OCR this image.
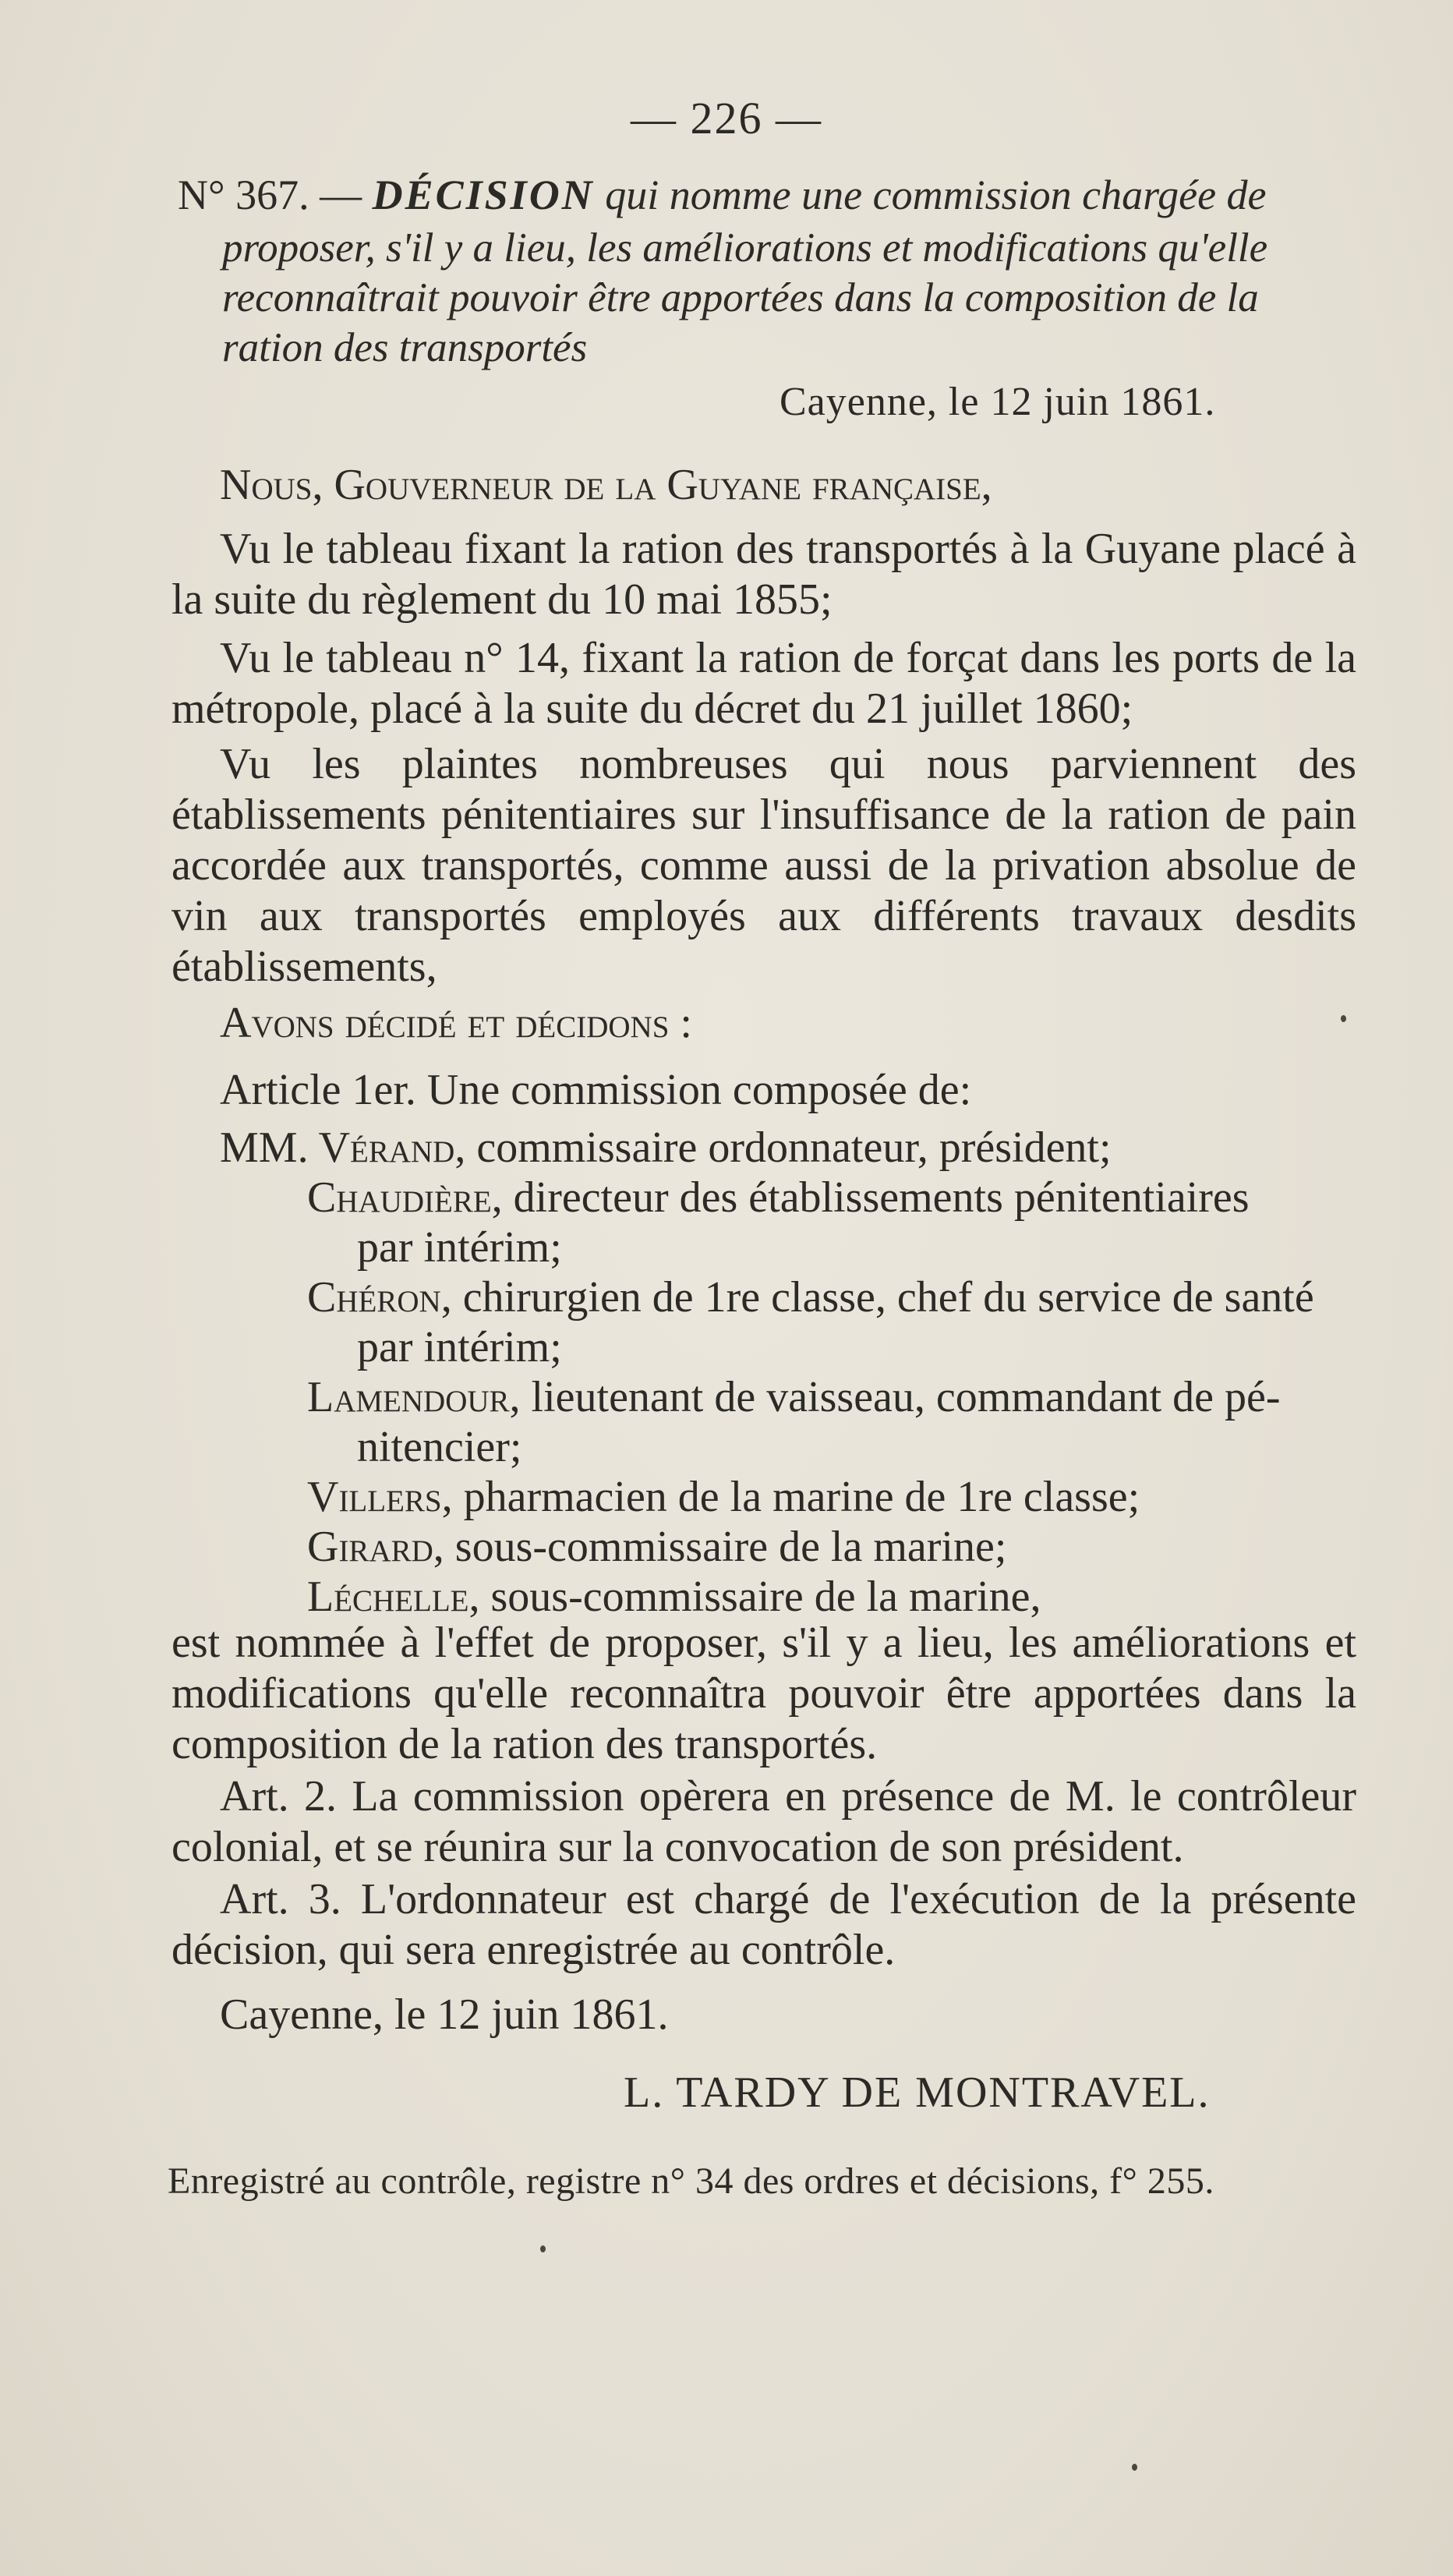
— 226 —

N° 367. — DÉCISION qui nomme une commission chargée de

proposer, s'il y a lieu, les améliorations et modifications qu'elle reconnaîtrait pouvoir être apportées dans la composition de la ration des transportés

Cayenne, le 12 juin 1861.

Nous, Gouverneur de la Guyane française,

Vu le tableau fixant la ration des transportés à la Guyane placé à la suite du règlement du 10 mai 1855;

Vu le tableau n° 14, fixant la ration de forçat dans les ports de la métropole, placé à la suite du décret du 21 juillet 1860;

Vu les plaintes nombreuses qui nous parviennent des établissements pénitentiaires sur l'insuffisance de la ration de pain accordée aux transportés, comme aussi de la privation absolue de vin aux transportés employés aux différents travaux desdits établissements,

Avons décidé et décidons :

Article 1er. Une commission composée de:

MM. Vérand, commissaire ordonnateur, président;
Chaudière, directeur des établissements pénitentiaires
par intérim;
Chéron, chirurgien de 1re classe, chef du service de santé
par intérim;
Lamendour, lieutenant de vaisseau, commandant de pé-
nitencier;
Villers, pharmacien de la marine de 1re classe;
Girard, sous-commissaire de la marine;
Léchelle, sous-commissaire de la marine,

est nommée à l'effet de proposer, s'il y a lieu, les améliorations et modifications qu'elle reconnaîtra pouvoir être apportées dans la composition de la ration des transportés.

Art. 2. La commission opèrera en présence de M. le contrôleur colonial, et se réunira sur la convocation de son président.

Art. 3. L'ordonnateur est chargé de l'exécution de la présente décision, qui sera enregistrée au contrôle.

Cayenne, le 12 juin 1861.

L. TARDY DE MONTRAVEL.

Enregistré au contrôle, registre n° 34 des ordres et décisions, f° 255.
